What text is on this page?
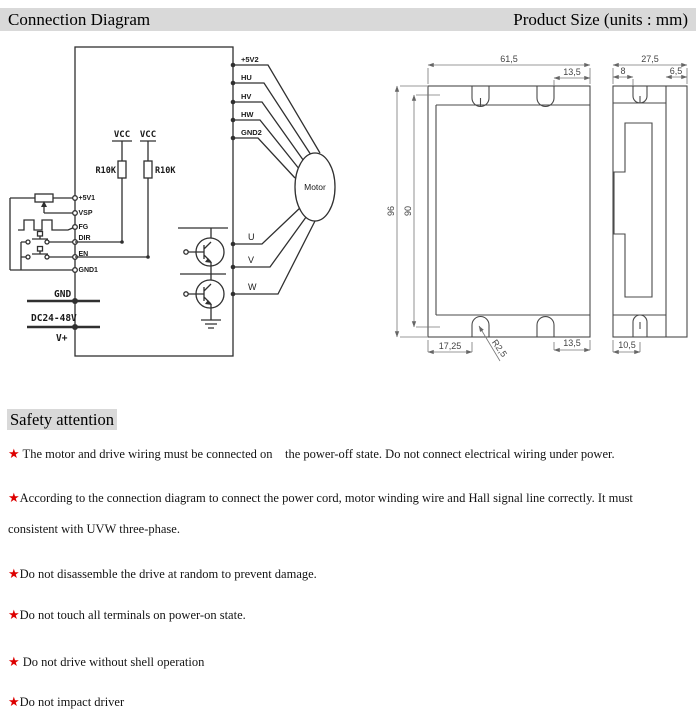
Connection Diagram	Product Size (units : mm)
+5V2
HU
HV
HW
GND2
U
V
W
Motor
+5V1
VSP
FG
DIR
EN
GND1
VCC VCC
R10K	R10K
GND
DC24-48V
V+
61,5
13,5
96 90
17,25	R2,5	13,5
27,5
8	6,5
10,5
Safety attention
★ The motor and drive wiring must be connected on    the power-off state. Do not connect electrical wiring under power.
★According to the connection diagram to connect the power cord, motor winding wire and Hall signal line correctly. It must
consistent with UVW three-phase.
★Do not disassemble the drive at random to prevent damage.
★Do not touch all terminals on power-on state.
★ Do not drive without shell operation
★Do not impact driver
